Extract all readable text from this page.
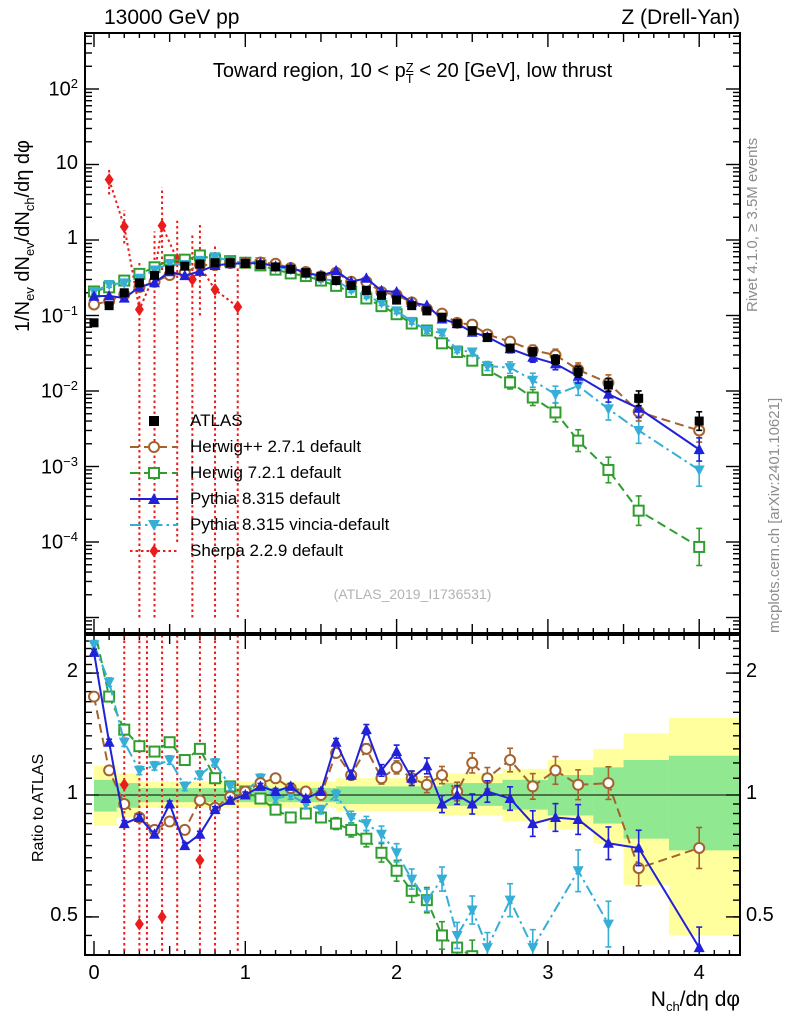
13000 GeV pp	Z (Drell-Yan)
Toward region, 10 < p Z
T < 20 [GeV], low thrust
$1/N_{ev}$ $dN_{ev}/dN_{ch}/d\eta$ dφ
Ratio to ATLAS
Rivet 4.1.0, ≥ 3.5M events
mcplots.cern.ch [arXiv:2401.10621]
(ATLAS_2019_I1736531)
$N_{ch}/d\eta$ dφ
ATLAS
Herwig++ 2.7.1 default
Herwig 7.2.1 default
Pythia 8.315 default
Pythia 8.315 vincia-default
Sherpa 2.2.9 default
$10^2$
10
1
$10^{-1}$
$10^{-2}$
$10^{-3}$
$10^{-4}$
2	2
1	1
0.5	0.5
0	1	2	3	4
